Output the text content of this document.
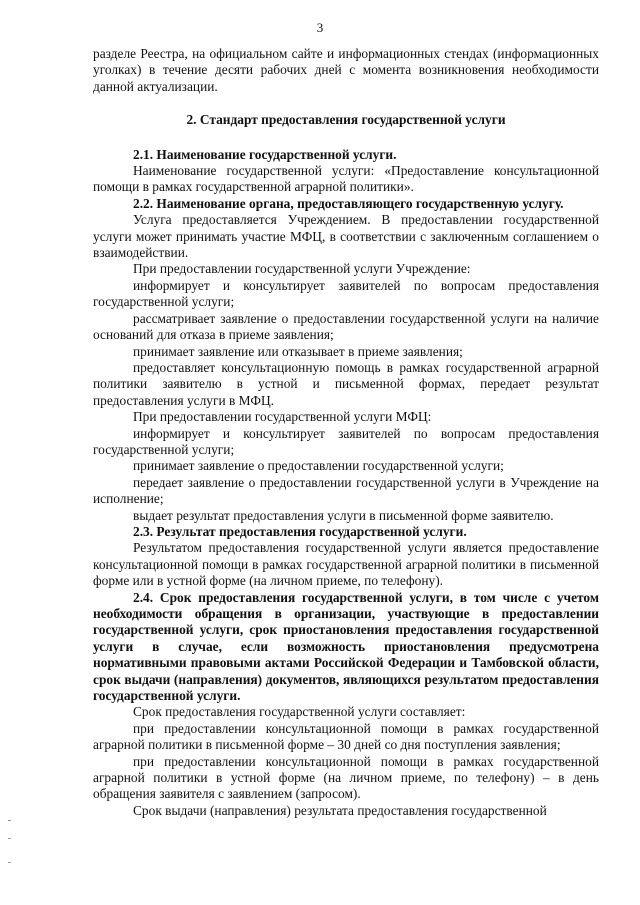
3

разделе Реестра, на официальном сайте и информационных стендах (информационных уголках) в течение десяти рабочих дней с момента возникновения необходимости данной актуализации.

2. Стандарт предоставления государственной услуги

2.1. Наименование государственной услуги.

Наименование государственной услуги: «Предоставление консультационной помощи в рамках государственной аграрной политики».

2.2. Наименование органа, предоставляющего государственную услугу.

Услуга предоставляется Учреждением. В предоставлении государственной услуги может принимать участие МФЦ, в соответствии с заключенным соглашением о взаимодействии.

При предоставлении государственной услуги Учреждение:

информирует и консультирует заявителей по вопросам предоставления государственной услуги;

рассматривает заявление о предоставлении государственной услуги на наличие оснований для отказа в приеме заявления;

принимает заявление или отказывает в приеме заявления;

предоставляет консультационную помощь в рамках государственной аграрной политики заявителю в устной и письменной формах, передает результат предоставления услуги в МФЦ.

При предоставлении государственной услуги МФЦ:

информирует и консультирует заявителей по вопросам предоставления государственной услуги;

принимает заявление о предоставлении государственной услуги;

передает заявление о предоставлении государственной услуги в Учреждение на исполнение;

выдает результат предоставления услуги в письменной форме заявителю.

2.3. Результат предоставления государственной услуги.

Результатом предоставления государственной услуги является предоставление консультационной помощи в рамках государственной аграрной политики в письменной форме или в устной форме (на личном приеме, по телефону).

2.4. Срок предоставления государственной услуги, в том числе с учетом необходимости обращения в организации, участвующие в предоставлении государственной услуги, срок приостановления предоставления государственной услуги в случае, если возможность приостановления предусмотрена нормативными правовыми актами Российской Федерации и Тамбовской области, срок выдачи (направления) документов, являющихся результатом предоставления государственной услуги.

Срок предоставления государственной услуги составляет:

при предоставлении консультационной помощи в рамках государственной аграрной политики в письменной форме – 30 дней со дня поступления заявления;

при предоставлении консультационной помощи в рамках государственной аграрной политики в устной форме (на личном приеме, по телефону) – в день обращения заявителя с заявлением (запросом).

Срок выдачи (направления) результата предоставления государственной
